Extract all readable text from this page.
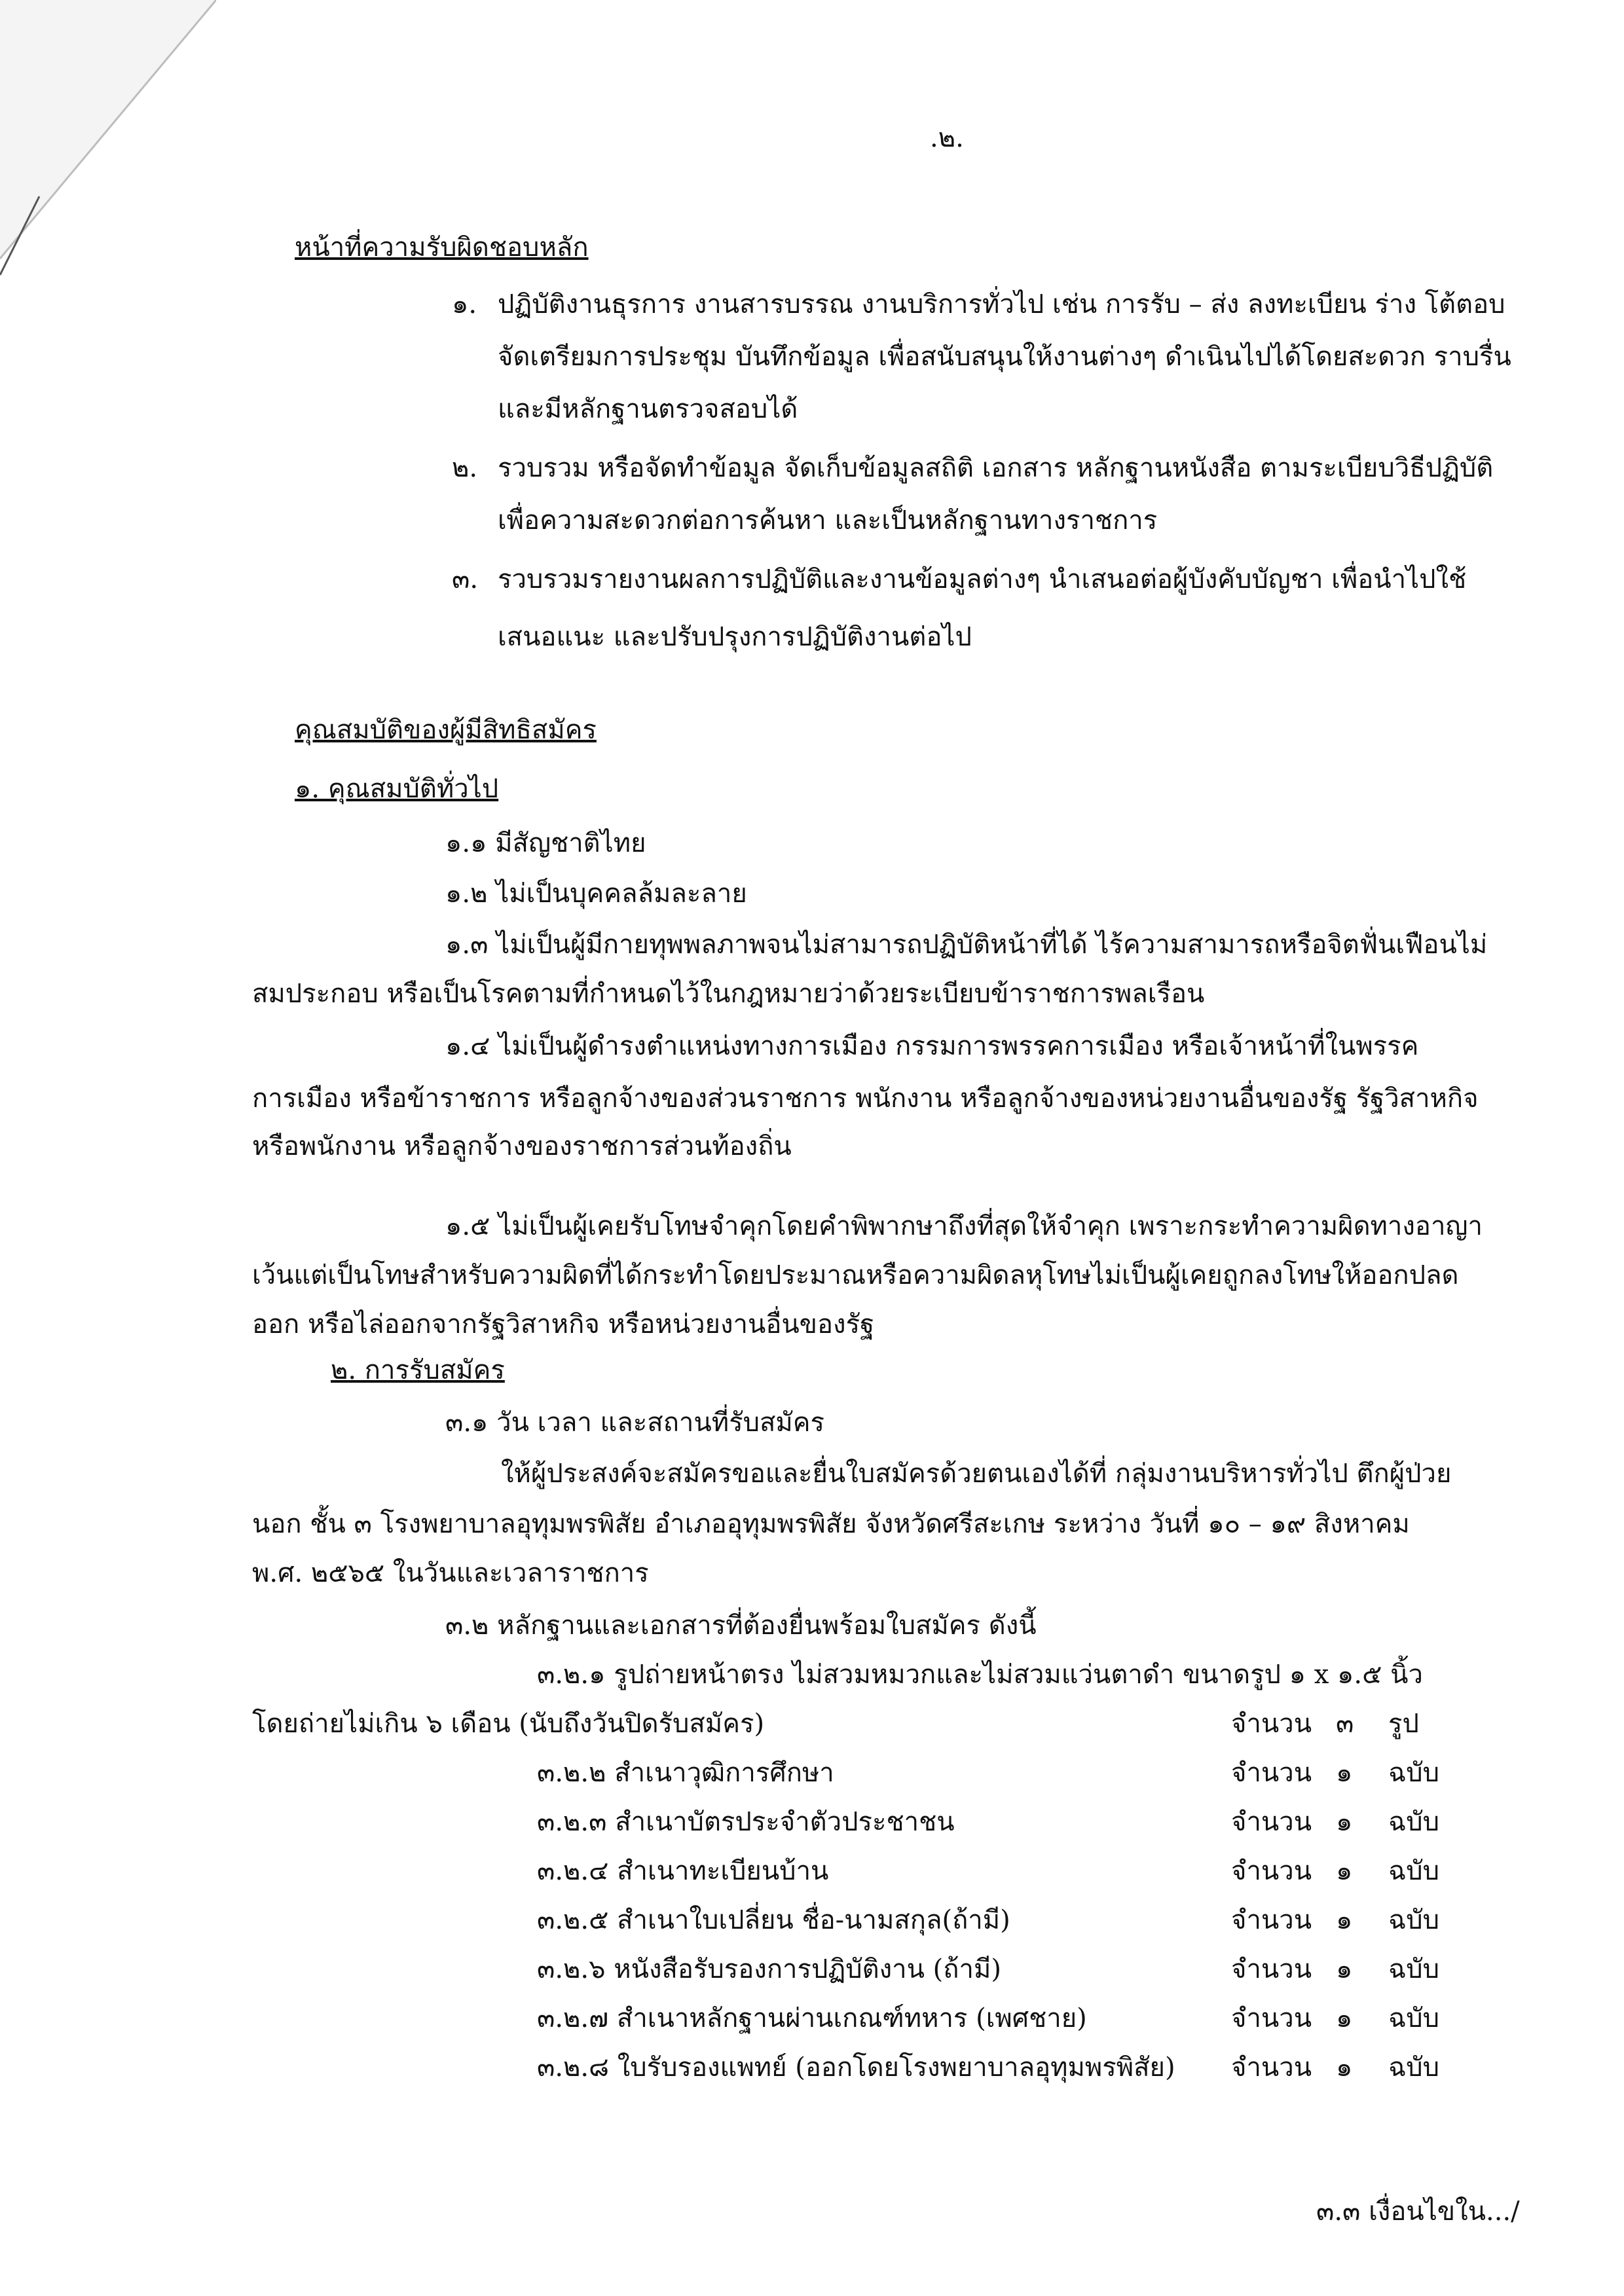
.๒.
หน้าที่ความรับผิดชอบหลัก
๑. ปฏิบัติงานธุรการ งานสารบรรณ งานบริการทั่วไป เช่น การรับ – ส่ง ลงทะเบียน ร่าง โต้ตอบ
จัดเตรียมการประชุม บันทึกข้อมูล เพื่อสนับสนุนให้งานต่างๆ ดำเนินไปได้โดยสะดวก ราบรื่น
และมีหลักฐานตรวจสอบได้
๒. รวบรวม หรือจัดทำข้อมูล จัดเก็บข้อมูลสถิติ เอกสาร หลักฐานหนังสือ ตามระเบียบวิธีปฏิบัติ
เพื่อความสะดวกต่อการค้นหา และเป็นหลักฐานทางราชการ
๓. รวบรวมรายงานผลการปฏิบัติและงานข้อมูลต่างๆ นำเสนอต่อผู้บังคับบัญชา เพื่อนำไปใช้
เสนอแนะ และปรับปรุงการปฏิบัติงานต่อไป
คุณสมบัติของผู้มีสิทธิสมัคร
๑. คุณสมบัติทั่วไป
๑.๑ มีสัญชาติไทย
๑.๒ ไม่เป็นบุคคลล้มละลาย
๑.๓ ไม่เป็นผู้มีกายทุพพลภาพจนไม่สามารถปฏิบัติหน้าที่ได้ ไร้ความสามารถหรือจิตฟั่นเฟือนไม่
สมประกอบ หรือเป็นโรคตามที่กำหนดไว้ในกฎหมายว่าด้วยระเบียบข้าราชการพลเรือน
๑.๔ ไม่เป็นผู้ดำรงตำแหน่งทางการเมือง กรรมการพรรคการเมือง หรือเจ้าหน้าที่ในพรรค
การเมือง หรือข้าราชการ หรือลูกจ้างของส่วนราชการ พนักงาน หรือลูกจ้างของหน่วยงานอื่นของรัฐ รัฐวิสาหกิจ
หรือพนักงาน หรือลูกจ้างของราชการส่วนท้องถิ่น
๑.๕ ไม่เป็นผู้เคยรับโทษจำคุกโดยคำพิพากษาถึงที่สุดให้จำคุก เพราะกระทำความผิดทางอาญา
เว้นแต่เป็นโทษสำหรับความผิดที่ได้กระทำโดยประมาณหรือความผิดลหุโทษไม่เป็นผู้เคยถูกลงโทษให้ออกปลด
ออก หรือไล่ออกจากรัฐวิสาหกิจ หรือหน่วยงานอื่นของรัฐ
๒. การรับสมัคร
๓.๑ วัน เวลา และสถานที่รับสมัคร
ให้ผู้ประสงค์จะสมัครขอและยื่นใบสมัครด้วยตนเองได้ที่ กลุ่มงานบริหารทั่วไป ตึกผู้ป่วย
นอก ชั้น ๓ โรงพยาบาลอุทุมพรพิสัย อำเภออุทุมพรพิสัย จังหวัดศรีสะเกษ ระหว่าง วันที่ ๑๐ – ๑๙ สิงหาคม
พ.ศ. ๒๕๖๕ ในวันและเวลาราชการ
๓.๒ หลักฐานและเอกสารที่ต้องยื่นพร้อมใบสมัคร ดังนี้
๓.๒.๑ รูปถ่ายหน้าตรง ไม่สวมหมวกและไม่สวมแว่นตาดำ ขนาดรูป ๑ x ๑.๕ นิ้ว
โดยถ่ายไม่เกิน ๖ เดือน (นับถึงวันปิดรับสมัคร)	จำนวน ๓ รูป
๓.๒.๒ สำเนาวุฒิการศึกษา	จำนวน ๑ ฉบับ
๓.๒.๓ สำเนาบัตรประจำตัวประชาชน	จำนวน ๑ ฉบับ
๓.๒.๔ สำเนาทะเบียนบ้าน	จำนวน ๑ ฉบับ
๓.๒.๕ สำเนาใบเปลี่ยน ชื่อ-นามสกุล(ถ้ามี)	จำนวน ๑ ฉบับ
๓.๒.๖ หนังสือรับรองการปฏิบัติงาน (ถ้ามี)	จำนวน ๑ ฉบับ
๓.๒.๗ สำเนาหลักฐานผ่านเกณฑ์ทหาร (เพศชาย)	จำนวน ๑ ฉบับ
๓.๒.๘ ใบรับรองแพทย์ (ออกโดยโรงพยาบาลอุทุมพรพิสัย) จำนวน ๑ ฉบับ
๓.๓ เงื่อนไขใน.../
